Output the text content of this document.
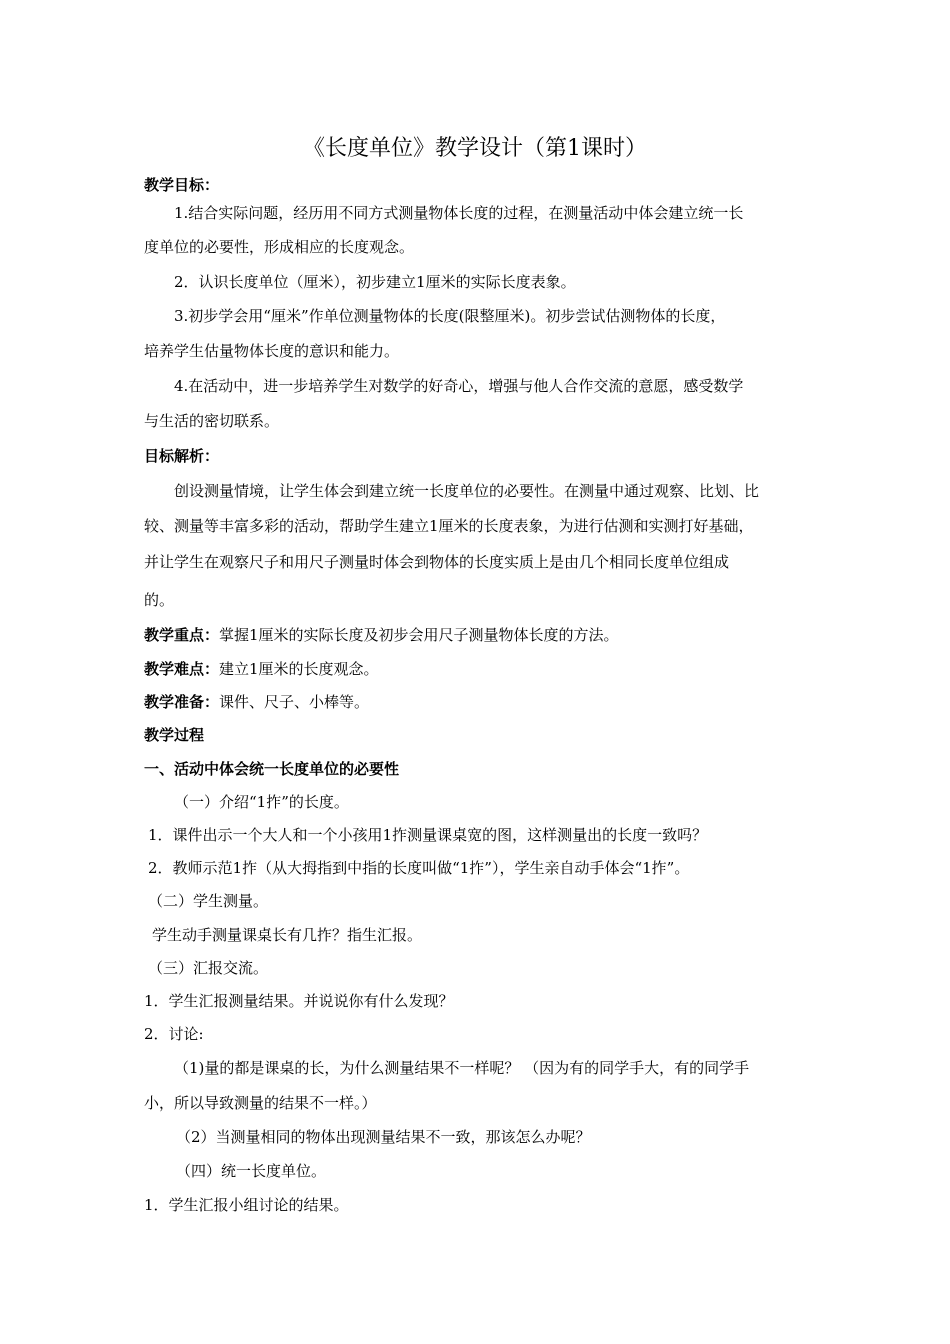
《长度单位》教学设计（第1课时）
教学目标：
1.结合实际问题，经历用不同方式测量物体长度的过程，在测量活动中体会建立统一长
度单位的必要性，形成相应的长度观念。
2．认识长度单位（厘米），初步建立1厘米的实际长度表象。
3.初步学会用“厘米”作单位测量物体的长度(限整厘米)。初步尝试估测物体的长度，
培养学生估量物体长度的意识和能力。
4.在活动中，进一步培养学生对数学的好奇心，增强与他人合作交流的意愿，感受数学
与生活的密切联系。
目标解析：
创设测量情境，让学生体会到建立统一长度单位的必要性。在测量中通过观察、比划、比
较、测量等丰富多彩的活动，帮助学生建立1厘米的长度表象，为进行估测和实测打好基础，
并让学生在观察尺子和用尺子测量时体会到物体的长度实质上是由几个相同长度单位组成
的。
教学重点：掌握1厘米的实际长度及初步会用尺子测量物体长度的方法。
教学难点：建立1厘米的长度观念。
教学准备：课件、尺子、小棒等。
教学过程
一、活动中体会统一长度单位的必要性
（一）介绍“1拃”的长度。
1．课件出示一个大人和一个小孩用1拃测量课桌宽的图，这样测量出的长度一致吗？
2．教师示范1拃（从大拇指到中指的长度叫做“1拃”），学生亲自动手体会“1拃”。
（二）学生测量。
学生动手测量课桌长有几拃？指生汇报。
（三）汇报交流。
1．学生汇报测量结果。并说说你有什么发现？
2．讨论:
（1)量的都是课桌的长，为什么测量结果不一样呢？ （因为有的同学手大，有的同学手
小，所以导致测量的结果不一样。）
（2）当测量相同的物体出现测量结果不一致，那该怎么办呢？
（四）统一长度单位。
1．学生汇报小组讨论的结果。
